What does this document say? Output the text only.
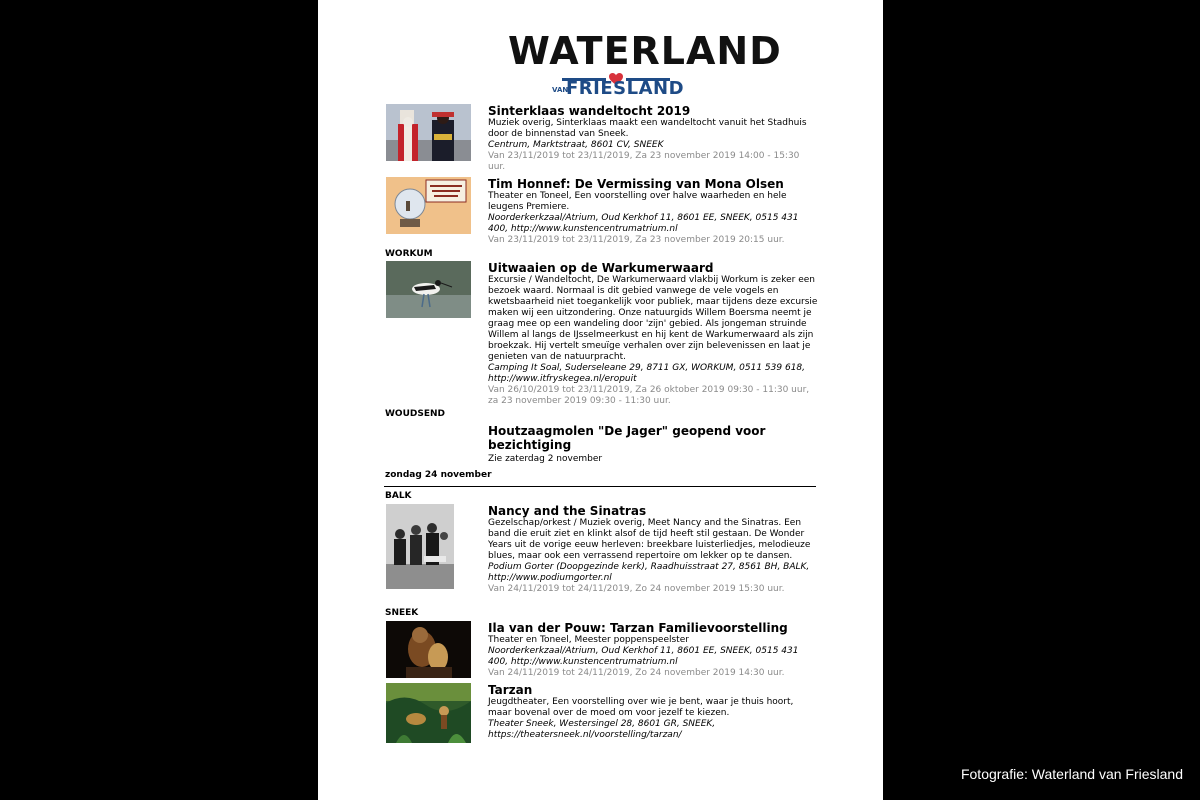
WATERLAND
VAN
FRIESLAND

Sinterklaas wandeltocht 2019

Muziek overig, Sinterklaas maakt een wandeltocht vanuit het Stadhuis door de binnenstad van Sneek.

Centrum, Marktstraat, 8601 CV, SNEEK

Van 23/11/2019 tot 23/11/2019, Za 23 november 2019 14:00 - 15:30 uur.

Tim Honnef: De Vermissing van Mona Olsen

Theater en Toneel, Een voorstelling over halve waarheden en hele leugens Premiere.

Noorderkerkzaal/Atrium, Oud Kerkhof 11, 8601 EE, SNEEK, 0515 431 400, http://www.kunstencentrumatrium.nl

Van 23/11/2019 tot 23/11/2019, Za 23 november 2019 20:15 uur.

WORKUM

Uitwaaien op de Warkumerwaard

Excursie / Wandeltocht, De Warkumerwaard vlakbij Workum is zeker een bezoek waard. Normaal is dit gebied vanwege de vele vogels en kwetsbaarheid niet toegankelijk voor publiek, maar tijdens deze excursie maken wij een uitzondering. Onze natuurgids Willem Boersma neemt je graag mee op een wandeling door 'zijn' gebied. Als jongeman struinde Willem al langs de IJsselmeerkust en hij kent de Warkumerwaard als zijn broekzak. Hij vertelt smeuïge verhalen over zijn belevenissen en laat je genieten van de natuurpracht.

Camping It Soal, Suderseleane 29, 8711 GX, WORKUM, 0511 539 618, http://www.itfryskegea.nl/eropuit

Van 26/10/2019 tot 23/11/2019, Za 26 oktober 2019 09:30 - 11:30 uur, za 23 november 2019 09:30 - 11:30 uur.

WOUDSEND

Houtzaagmolen "De Jager" geopend voor bezichtiging

Zie zaterdag 2 november

zondag 24 november
BALK

Nancy and the Sinatras

Gezelschap/orkest / Muziek overig, Meet Nancy and the Sinatras. Een band die eruit ziet en klinkt alsof de tijd heeft stil gestaan. De Wonder Years uit de vorige eeuw herleven: breekbare luisterliedjes, melodieuze blues, maar ook een verrassend repertoire om lekker op te dansen.

Podium Gorter (Doopgezinde kerk), Raadhuisstraat 27, 8561 BH, BALK, http://www.podiumgorter.nl

Van 24/11/2019 tot 24/11/2019, Zo 24 november 2019 15:30 uur.

SNEEK

Ila van der Pouw: Tarzan Familievoorstelling

Theater en Toneel, Meester poppenspeelster

Noorderkerkzaal/Atrium, Oud Kerkhof 11, 8601 EE, SNEEK, 0515 431 400, http://www.kunstencentrumatrium.nl

Van 24/11/2019 tot 24/11/2019, Zo 24 november 2019 14:30 uur.

Tarzan

Jeugdtheater, Een voorstelling over wie je bent, waar je thuis hoort, maar bovenal over de moed om voor jezelf te kiezen.

Theater Sneek, Westersingel 28, 8601 GR, SNEEK, https://theatersneek.nl/voorstelling/tarzan/

Fotografie: Waterland van Friesland
